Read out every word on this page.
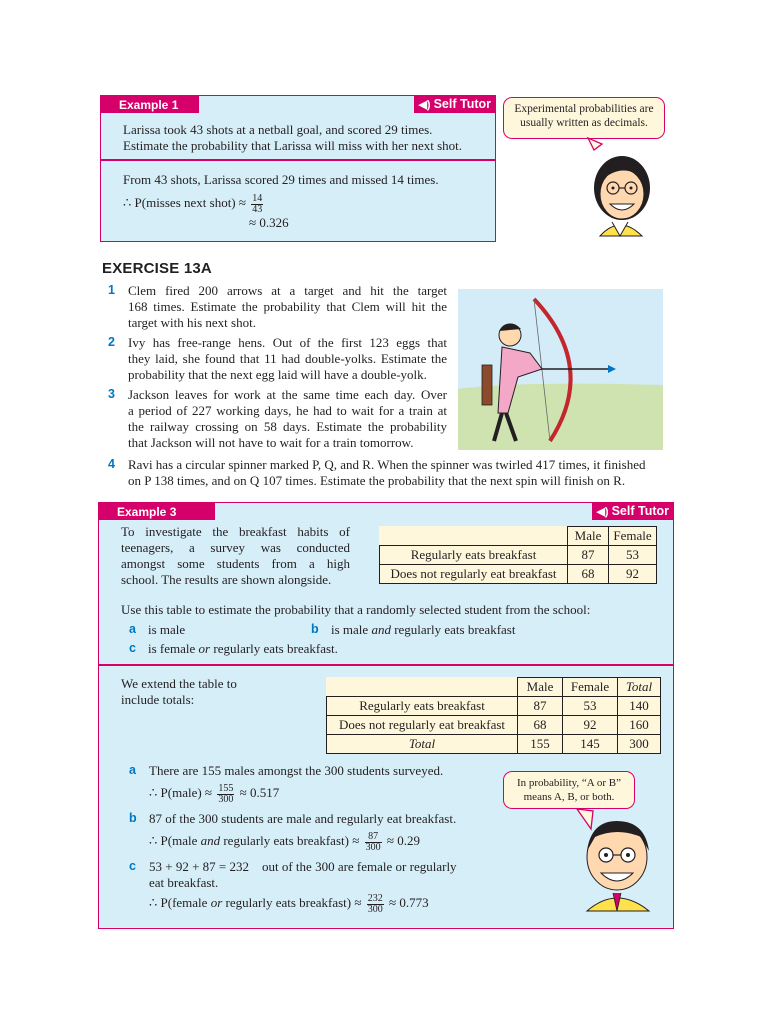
Example 1	◀) Self Tutor
Larissa took 43 shots at a netball goal, and scored 29 times.
Estimate the probability that Larissa will miss with her next shot.
From 43 shots, Larissa scored 29 times and missed 14 times.
∴ P(misses next shot) ≈ $\frac{14}{43}$
≈ 0.326
Experimental probabilities are
usually written as decimals.
EXERCISE 13A
1 Clem fired 200 arrows at a target and hit the target
168 times. Estimate the probability that Clem will hit the
target with his next shot.
2 Ivy has free-range hens. Out of the first 123 eggs that
they laid, she found that 11 had double-yolks. Estimate the
probability that the next egg laid will have a double-yolk.
3 Jackson leaves for work at the same time each day. Over
a period of 227 working days, he had to wait for a train at
the railway crossing on 58 days. Estimate the probability
that Jackson will not have to wait for a train tomorrow.
4 Ravi has a circular spinner marked P, Q, and R. When the spinner was twirled 417 times, it finished
on P 138 times, and on Q 107 times. Estimate the probability that the next spin will finish on R.
Example 3	◀) Self Tutor
To investigate the breakfast habits of
teenagers, a survey was conducted
amongst some students from a high
school. The results are shown alongside.
	Male	Female
Regularly eats breakfast	87	53
Does not regularly eat breakfast	68	92
Use this table to estimate the probability that a randomly selected student from the school:
a is male	b is male and regularly eats breakfast
c is female or regularly eats breakfast.
We extend the table to
include totals:
	Male	Female	Total
Regularly eats breakfast	87	53	140
Does not regularly eat breakfast	68	92	160
Total	155	145	300
a There are 155 males amongst the 300 students surveyed.
∴ P(male) ≈ $\frac{155}{300} \approx 0.517$
b 87 of the 300 students are male and regularly eat breakfast.
∴ P(male and regularly eats breakfast) ≈ $\frac{87}{300} \approx 0.29$
c 53 + 92 + 87 = 232    out of the 300 are female or regularly
eat breakfast.
∴ P(female or regularly eats breakfast) ≈ $\frac{232}{300} \approx 0.773$
In probability, “A or B”
means A, B, or both.
